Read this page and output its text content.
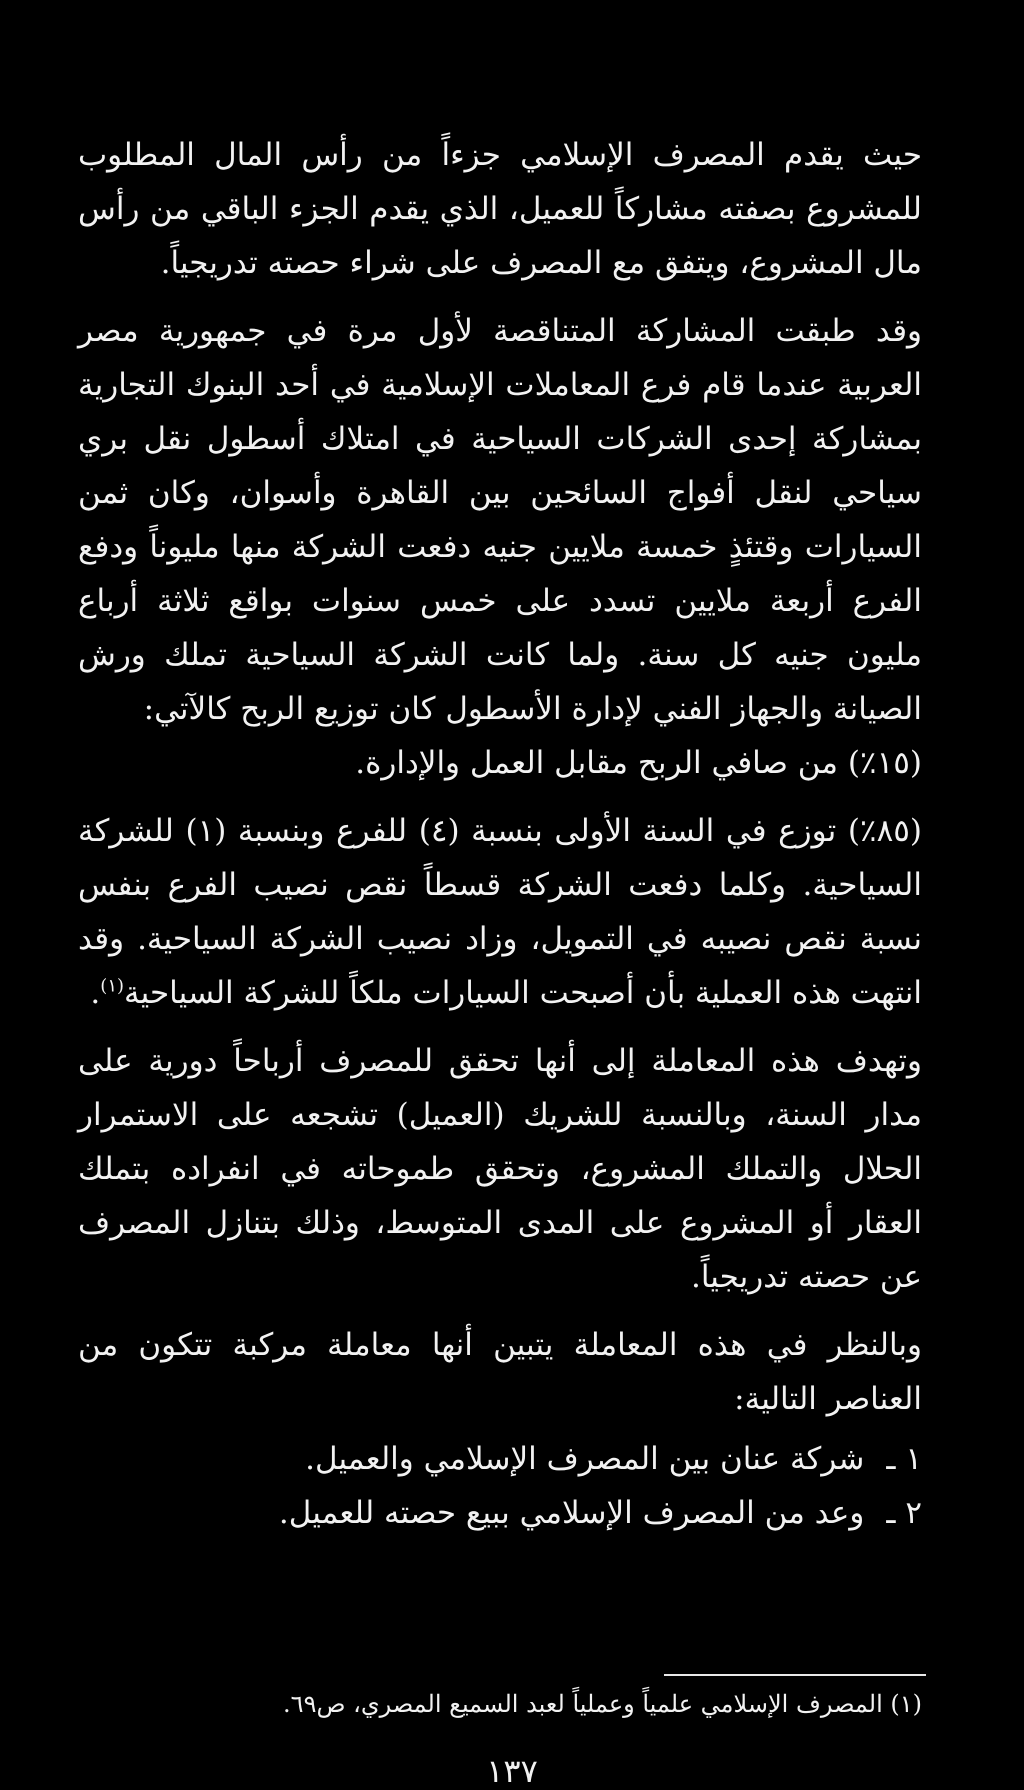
حيث يقدم المصرف الإسلامي جزءاً من رأس المال المطلوب للمشروع بصفته مشاركاً للعميل، الذي يقدم الجزء الباقي من رأس مال المشروع، ويتفق مع المصرف على شراء حصته تدريجياً.

وقد طبقت المشاركة المتناقصة لأول مرة في جمهورية مصر العربية عندما قام فرع المعاملات الإسلامية في أحد البنوك التجارية بمشاركة إحدى الشركات السياحية في امتلاك أسطول نقل بري سياحي لنقل أفواج السائحين بين القاهرة وأسوان، وكان ثمن السيارات وقتئذٍ خمسة ملايين جنيه دفعت الشركة منها مليوناً ودفع الفرع أربعة ملايين تسدد على خمس سنوات بواقع ثلاثة أرباع مليون جنيه كل سنة. ولما كانت الشركة السياحية تملك ورش الصيانة والجهاز الفني لإدارة الأسطول كان توزيع الربح كالآتي:

(١٥٪) من صافي الربح مقابل العمل والإدارة.

(٨٥٪) توزع في السنة الأولى بنسبة (٤) للفرع وبنسبة (١) للشركة السياحية. وكلما دفعت الشركة قسطاً نقص نصيب الفرع بنفس نسبة نقص نصيبه في التمويل، وزاد نصيب الشركة السياحية. وقد انتهت هذه العملية بأن أصبحت السيارات ملكاً للشركة السياحية$^{(١)}$.

وتهدف هذه المعاملة إلى أنها تحقق للمصرف أرباحاً دورية على مدار السنة، وبالنسبة للشريك (العميل) تشجعه على الاستمرار الحلال والتملك المشروع، وتحقق طموحاته في انفراده بتملك العقار أو المشروع على المدى المتوسط، وذلك بتنازل المصرف عن حصته تدريجياً.

وبالنظر في هذه المعاملة يتبين أنها معاملة مركبة تتكون من العناصر التالية:

١ ـشركة عنان بين المصرف الإسلامي والعميل.

٢ ـوعد من المصرف الإسلامي ببيع حصته للعميل.

(١) المصرف الإسلامي علمياً وعملياً لعبد السميع المصري، ص٦٩.
١٣٧
